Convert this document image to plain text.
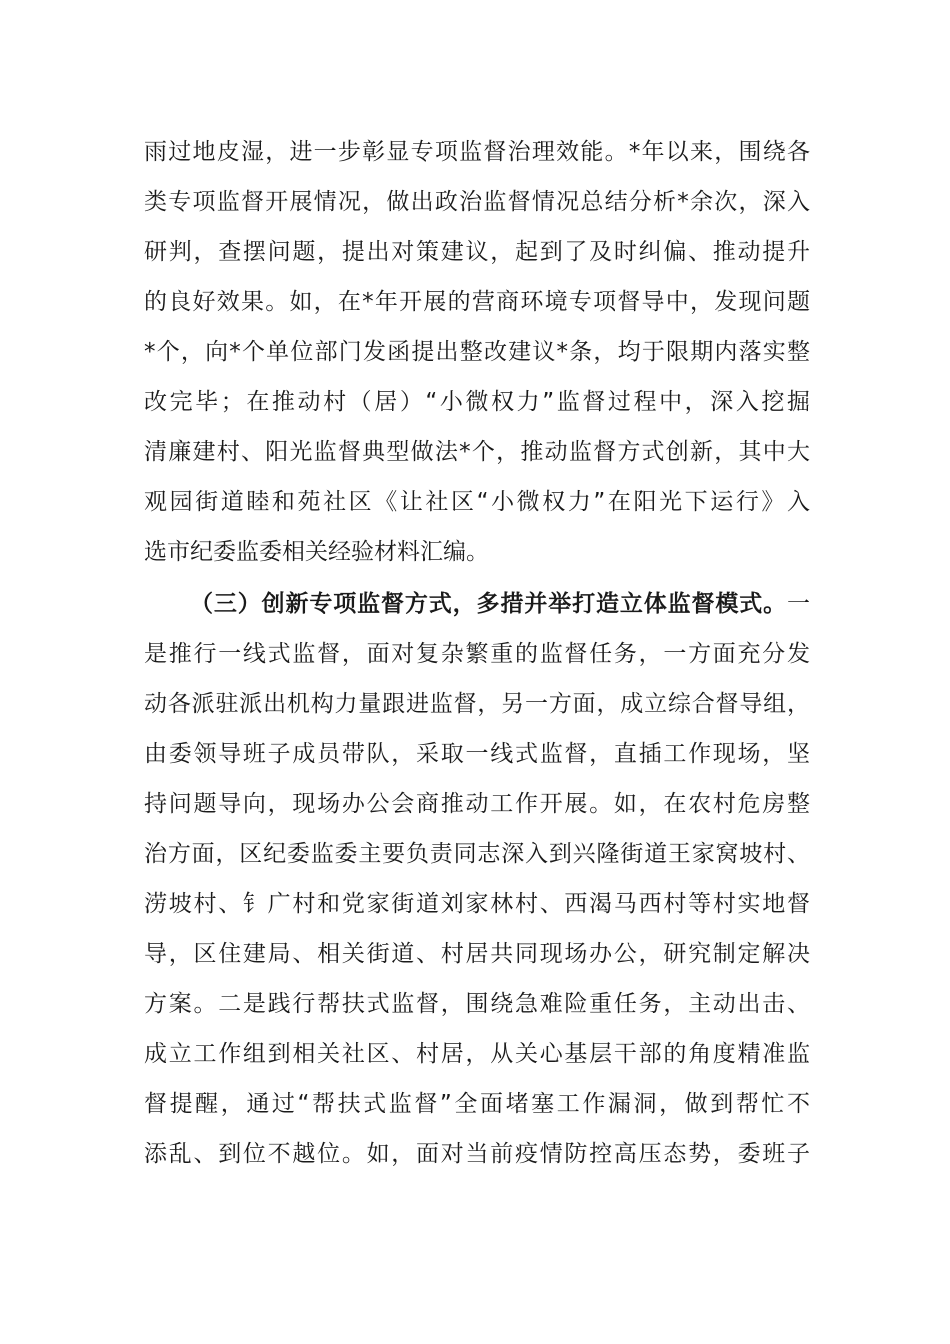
雨过地皮湿，进一步彰显专项监督治理效能。*年以来，围绕各
类专项监督开展情况，做出政治监督情况总结分析*余次，深入
研判，查摆问题，提出对策建议，起到了及时纠偏、推动提升
的良好效果。如，在*年开展的营商环境专项督导中，发现问题
*个，向*个单位部门发函提出整改建议*条，均于限期内落实整
改完毕；在推动村（居）“小微权力”监督过程中，深入挖掘
清廉建村、阳光监督典型做法*个，推动监督方式创新，其中大
观园街道睦和苑社区《让社区“小微权力”在阳光下运行》入
选市纪委监委相关经验材料汇编。
（三）创新专项监督方式，多措并举打造立体监督模式。一
是推行一线式监督，面对复杂繁重的监督任务，一方面充分发
动各派驻派出机构力量跟进监督，另一方面，成立综合督导组，
由委领导班子成员带队，采取一线式监督，直插工作现场，坚
持问题导向，现场办公会商推动工作开展。如，在农村危房整
治方面，区纪委监委主要负责同志深入到兴隆街道王家窝坡村、
涝坡村、钅广村和党家街道刘家林村、西渴马西村等村实地督
导，区住建局、相关街道、村居共同现场办公，研究制定解决
方案。二是践行帮扶式监督，围绕急难险重任务，主动出击、
成立工作组到相关社区、村居，从关心基层干部的角度精准监
督提醒，通过“帮扶式监督”全面堵塞工作漏洞，做到帮忙不
添乱、到位不越位。如，面对当前疫情防控高压态势，委班子
